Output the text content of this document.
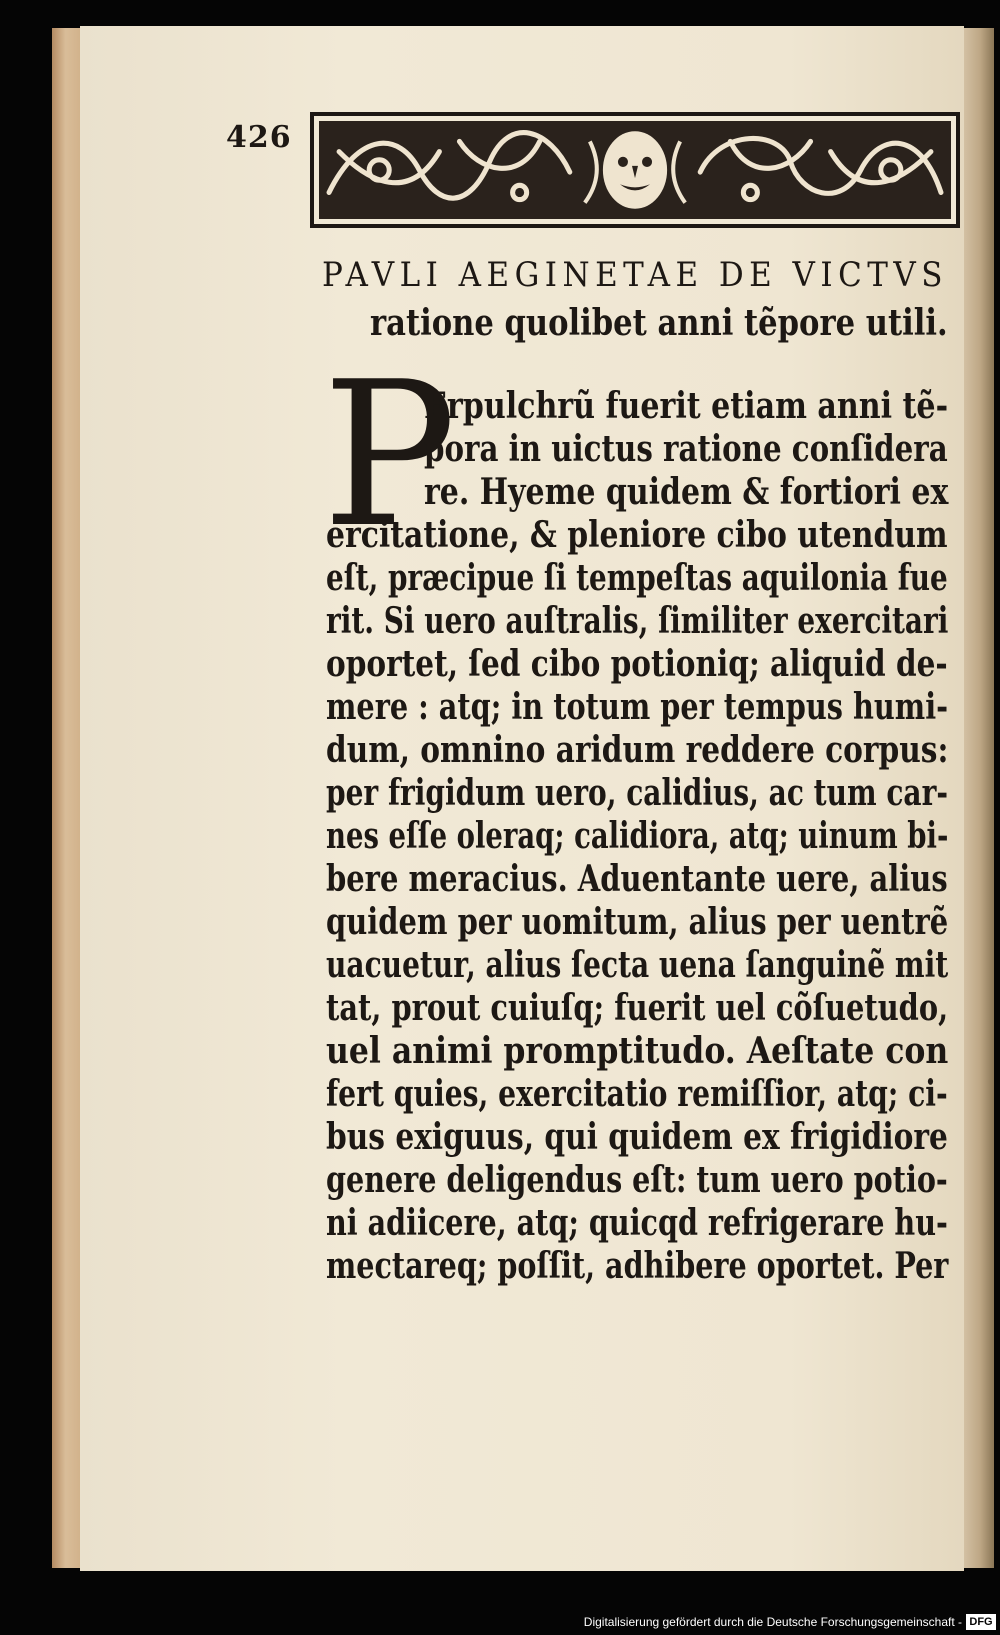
426
PAVLI AEGINETAE DE VICTVS
ratione quolibet anni tẽpore utili.
P
Erpulchrũ fuerit etiam anni tẽ-
pora in uictus ratione conſidera
re. Hyeme quidem & fortiori ex
ercitatione, & pleniore cibo utendum
eſt, præcipue ſi tempeſtas aquilonia fue
rit. Si uero auſtralis, ſimiliter exercitari
oportet, ſed cibo potioniq; aliquid de-
mere : atq; in totum per tempus humi-
dum, omnino aridum reddere corpus:
per frigidum uero, calidius, ac tum car-
nes eſſe oleraq; calidiora, atq; uinum bi-
bere meracius. Aduentante uere, alius
quidem per uomitum, alius per uentrẽ
uacuetur, alius ſecta uena ſanguinẽ mit
tat, prout cuiuſq; fuerit uel cõſuetudo,
uel animi promptitudo. Aeſtate con
fert quies, exercitatio remiſſior, atq; ci-
bus exiguus, qui quidem ex frigidiore
genere deligendus eſt: tum uero potio-
ni adiicere, atq; quicqd refrigerare hu-
mectareq; poſſit, adhibere oportet. Per
Digitalisierung gefördert durch die Deutsche Forschungsgemeinschaft - DFG
